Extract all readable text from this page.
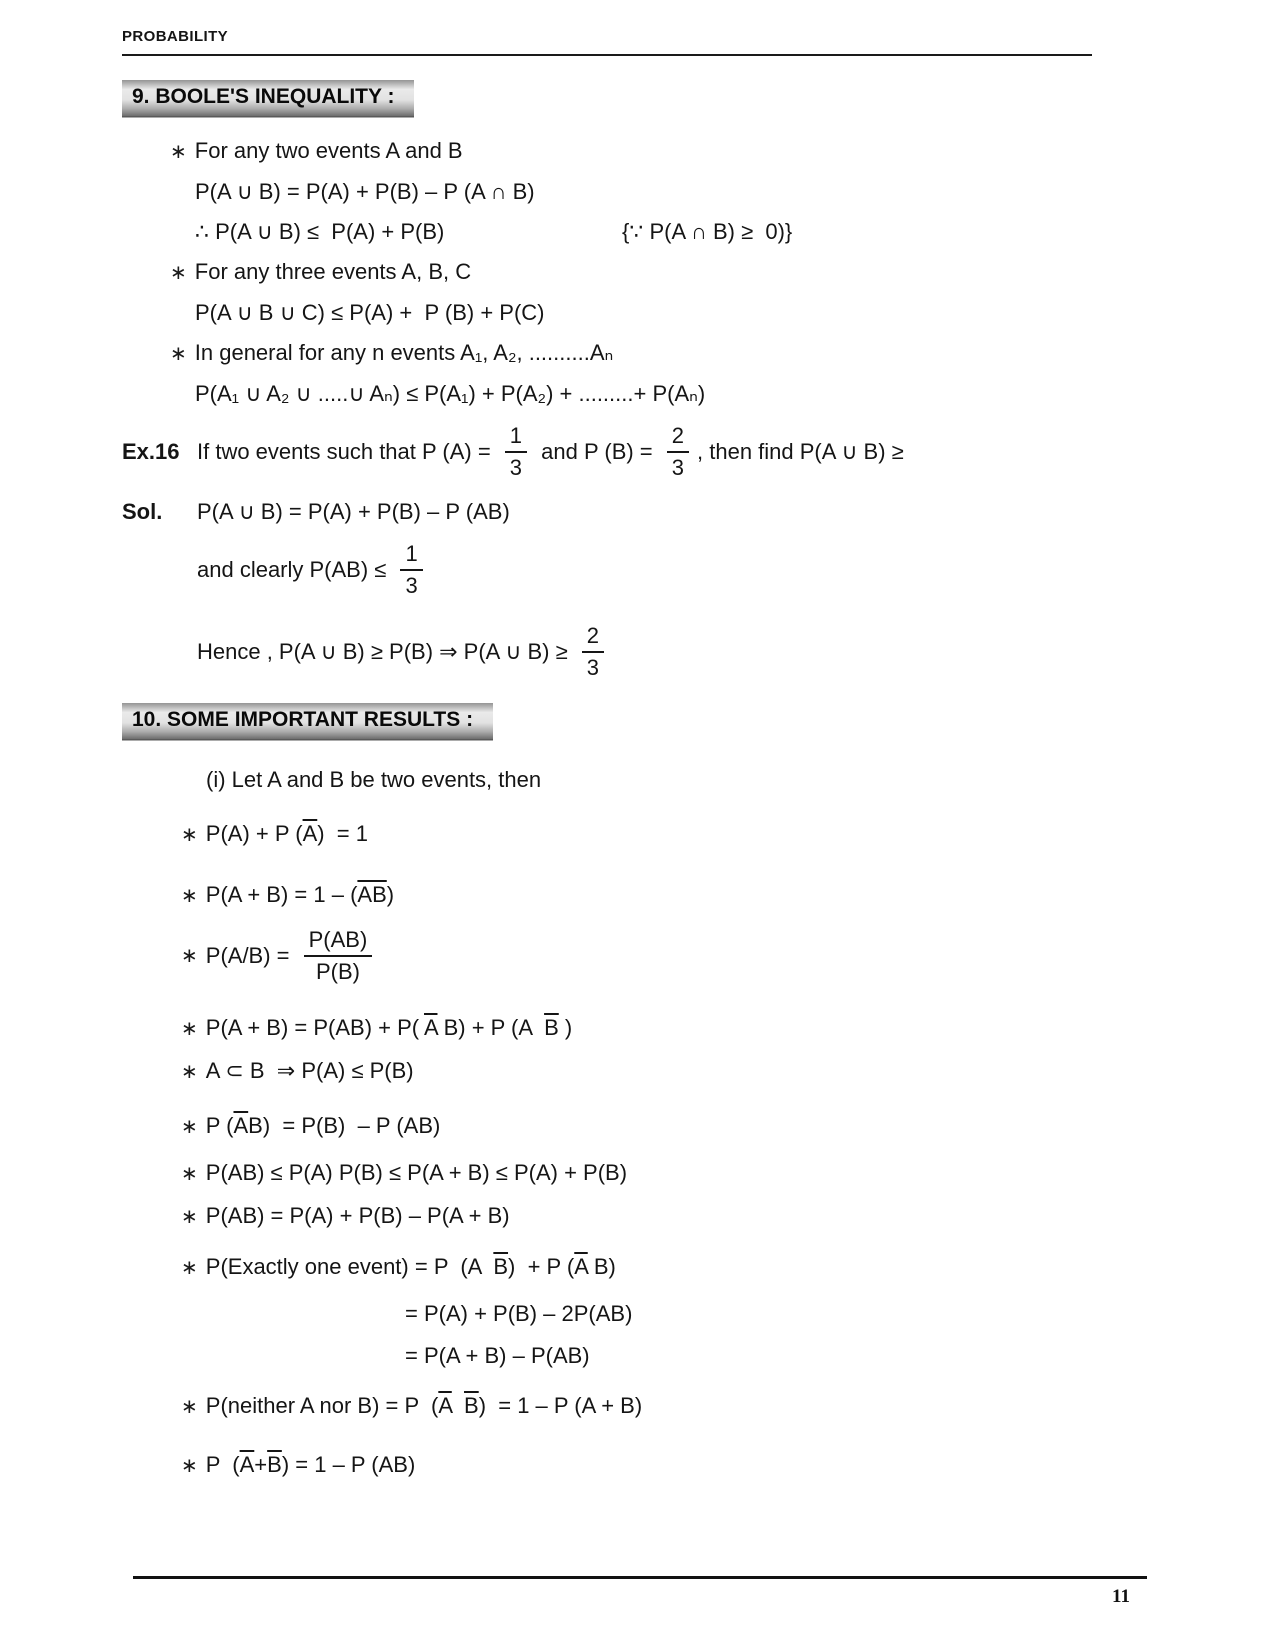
PROBABILITY
9. BOOLE'S INEQUALITY :
∗ For any two events A and B
P(A ∪ B) = P(A) + P(B) – P (A ∩ B)
∴ P(A ∪ B) ≤  P(A) + P(B)	{∵ P(A ∩ B) ≥  0)}
∗ For any three events A, B, C
P(A ∪ B ∪ C) ≤ P(A) +  P (B) + P(C)
∗ In general for any n events A₁, A₂, ..........Aₙ
P(A₁ ∪ A₂ ∪ .....∪ Aₙ) ≤ P(A₁) + P(A₂) + .........+ P(Aₙ)
Ex.16 If two events such that P $(A) = \frac{1}{3}$ and P $(B) = \frac{2}{3}$ , then find P(A ∪ B) ≥
Sol.	P(A ∪ B) = P(A) + P(B) – P (AB)
and clearly $P(AB) \le \frac{1}{3}$
Hence , P(A ∪ B) ≥ P(B) ⇒ P(A ∪ $B) \ge \frac{2}{3}$
10. SOME IMPORTANT RESULTS :
(i) Let A and B be two events, then
∗ P(A) + P $(\overline{A}) = 1$
∗ $P(A + B) = 1 - (\overline{AB})$
∗ $P(A/B) = \frac{P(AB)}{P(B)}$
∗ P(A + B) = P(AB) + P( $\overline{A}$ B) + P (A  $\overline{B}$ )
∗ A ⊂ B  ⇒ P(A) ≤ P(B)
∗ P $(\overline{A}B) = P(B) - P$ (AB)
∗ P(AB) ≤ P(A) P(B) ≤ P(A + B) ≤ P(A) + P(B)
∗ P(AB) = P(A) + P(B) – P(A + B)
∗ P(Exactly one event) = P  (A  $\overline{B}) + P$ ($\overline{A}$ B)
= P(A) + P(B) – 2P(AB)
= P(A + B) – P(AB)
∗ P(neither A nor B) = P  ($\overline{A}$ $\overline{B}) = 1 - P$ (A + B)
∗ P  $(\overline{A}+\overline{B}) = 1 - P$ (AB)
11
